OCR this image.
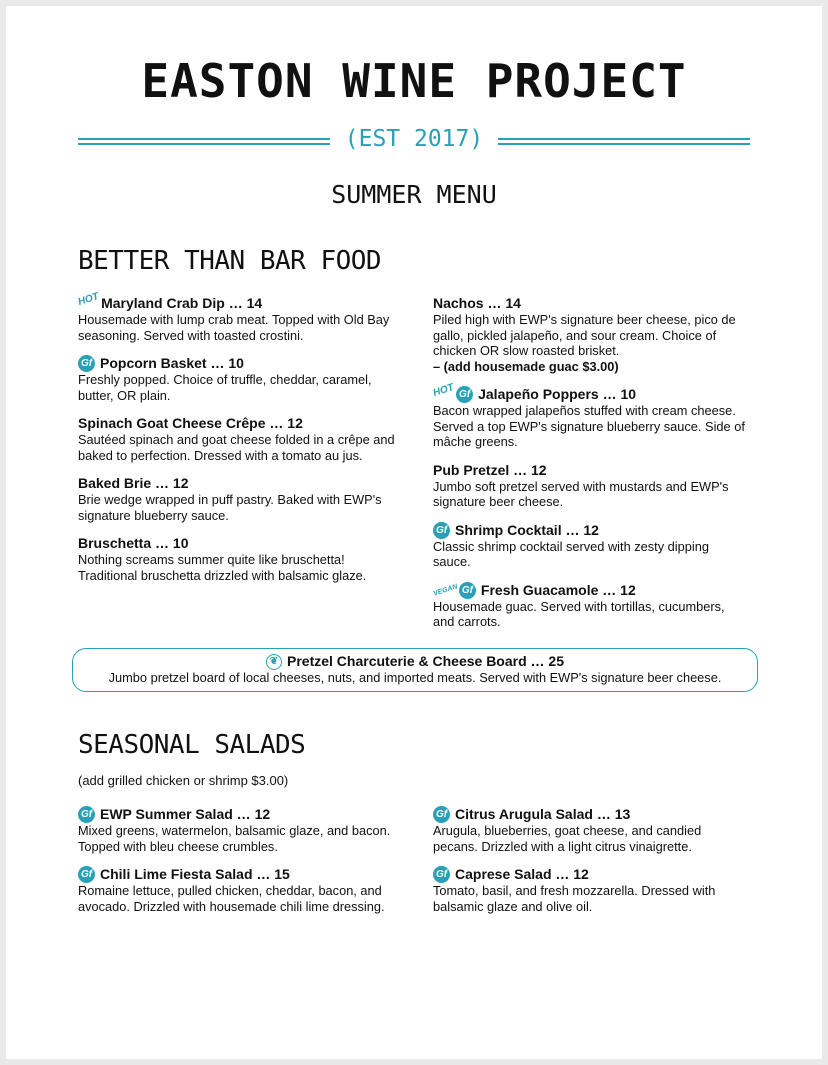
EASTON WINE PROJECT
(EST 2017)
SUMMER MENU
BETTER THAN BAR FOOD
HOT Maryland Crab Dip … 14
Housemade with lump crab meat. Topped with Old Bay seasoning. Served with toasted crostini.
Gf Popcorn Basket … 10
Freshly popped. Choice of truffle, cheddar, caramel, butter, OR plain.
Spinach Goat Cheese Crêpe … 12
Sautéed spinach and goat cheese folded in a crêpe and baked to perfection. Dressed with a tomato au jus.
Baked Brie … 12
Brie wedge wrapped in puff pastry. Baked with EWP's signature blueberry sauce.
Bruschetta … 10
Nothing screams summer quite like bruschetta! Traditional bruschetta drizzled with balsamic glaze.
Nachos … 14
Piled high with EWP's signature beer cheese, pico de gallo, pickled jalapeño, and sour cream. Choice of chicken OR slow roasted brisket.
– (add housemade guac $3.00)
HOT Gf Jalapeño Poppers … 10
Bacon wrapped jalapeños stuffed with cream cheese. Served a top EWP's signature blueberry sauce. Side of mâche greens.
Pub Pretzel … 12
Jumbo soft pretzel served with mustards and EWP's signature beer cheese.
Gf Shrimp Cocktail … 12
Classic shrimp cocktail served with zesty dipping sauce.
VEGAN Gf Fresh Guacamole … 12
Housemade guac. Served with tortillas, cucumbers, and carrots.
❦ Pretzel Charcuterie & Cheese Board … 25
Jumbo pretzel board of local cheeses, nuts, and imported meats. Served with EWP's signature beer cheese.
SEASONAL SALADS
(add grilled chicken or shrimp $3.00)
Gf EWP Summer Salad … 12
Mixed greens, watermelon, balsamic glaze, and bacon. Topped with bleu cheese crumbles.
Gf Chili Lime Fiesta Salad … 15
Romaine lettuce, pulled chicken, cheddar, bacon, and avocado. Drizzled with housemade chili lime dressing.
Gf Citrus Arugula Salad … 13
Arugula, blueberries, goat cheese, and candied pecans. Drizzled with a light citrus vinaigrette.
Gf Caprese Salad … 12
Tomato, basil, and fresh mozzarella. Dressed with balsamic glaze and olive oil.
